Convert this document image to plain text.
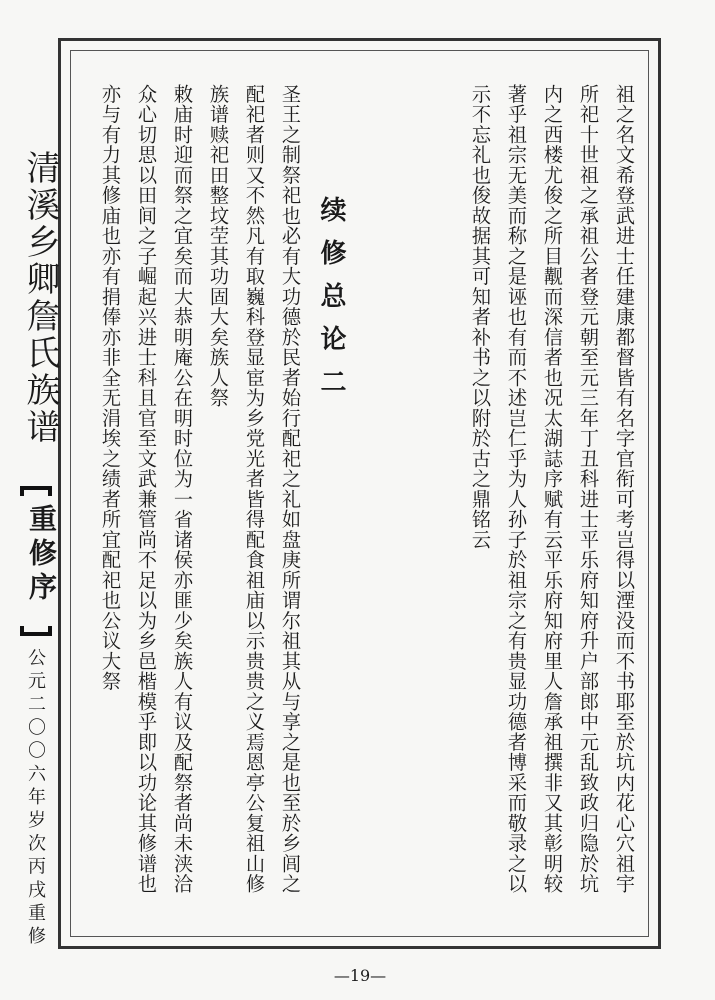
清溪乡卿詹氏族谱
重修序
公元二〇〇六年岁次丙戌重修	祖之名文希登武进士任建康都督皆有名字官衔可考岂得以湮没而不书耶至於坑内花心穴祖宇
所祀十世祖之承祖公者登元朝至元三年丁丑科进士平乐府知府升户部郎中元乱致政归隐於坑
内之西楼尤俊之所目觏而深信者也况太湖誌序赋有云平乐府知府里人詹承祖撰非又其彰明较
著乎祖宗无美而称之是诬也有而不述岂仁乎为人孙子於祖宗之有贵显功德者博采而敬录之以
示不忘礼也俊故据其可知者补书之以附於古之鼎铭云
续修总论二
圣王之制祭祀也必有大功德於民者始行配祀之礼如盘庚所谓尔祖其从与享之是也至於乡闾之
配祀者则又不然凡有取巍科登显宦为乡党光者皆得配食祖庙以示贵贵之义焉恩亭公复祖山修
族谱赎祀田整坟茔其功固大矣族人祭
敕庙时迎而祭之宜矣而大恭明庵公在明时位为一省诸侯亦匪少矣族人有议及配祭者尚未浃洽
众心切思以田间之子崛起兴进士科且官至文武兼管尚不足以为乡邑楷模乎即以功论其修谱也
亦与有力其修庙也亦有捐俸亦非全无涓埃之绩者所宜配祀也公议大祭
—19—
